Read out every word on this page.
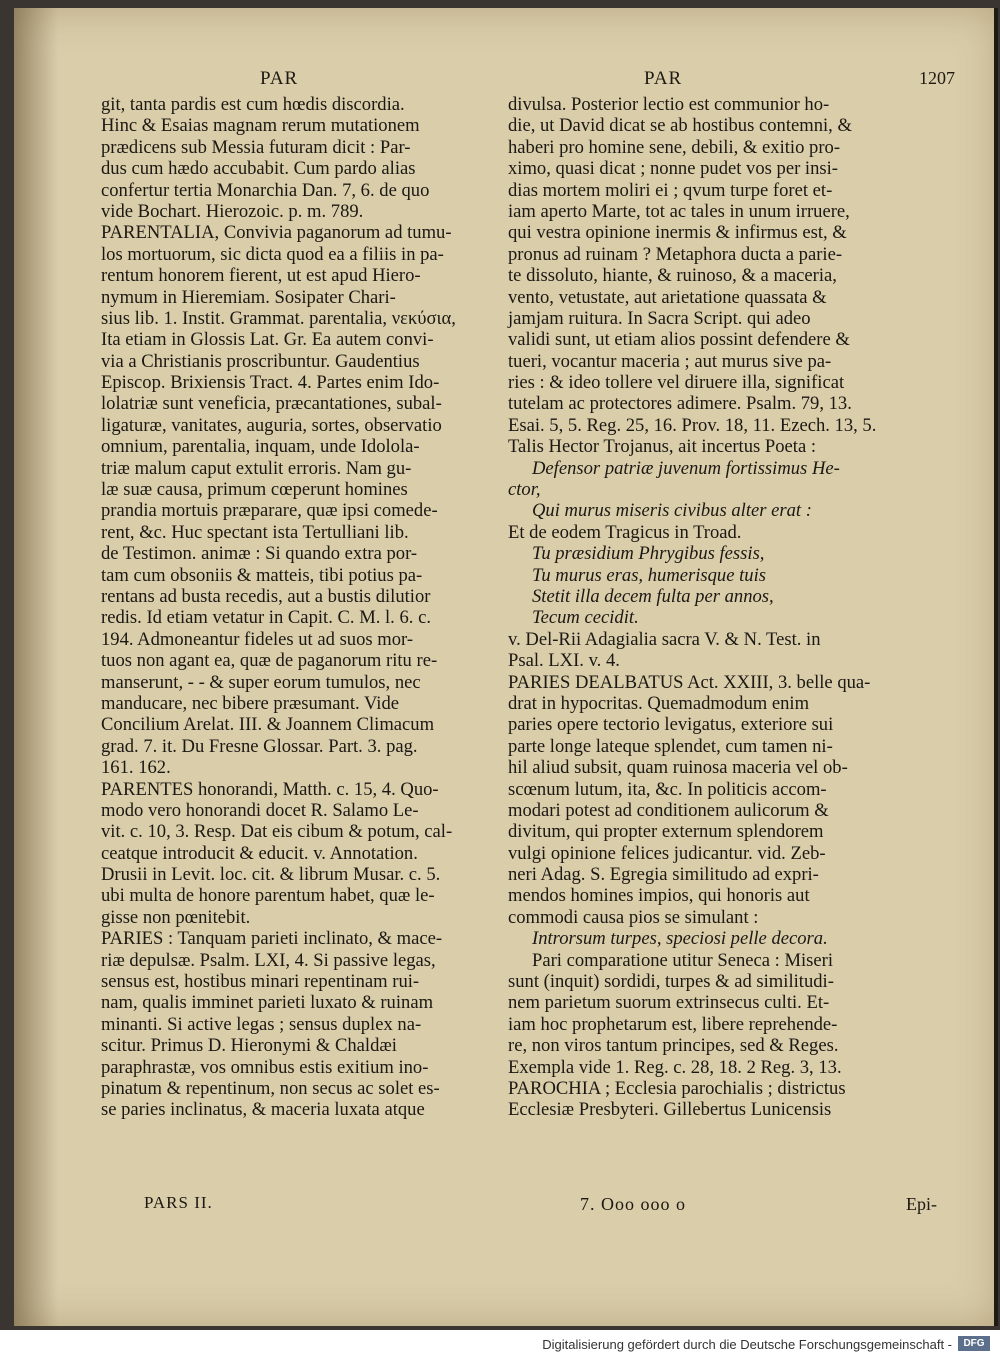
PAR	PAR	1207
git, tanta pardis est cum hœdis discordia.
Hinc & Esaias magnam rerum mutationem
prædicens sub Messia futuram dicit : Par-
dus cum hædo accubabit. Cum pardo alias
confertur tertia Monarchia Dan. 7, 6. de quo
vide Bochart. Hierozoic. p. m. 789.
PARENTALIA, Convivia paganorum ad tumu-
los mortuorum, sic dicta quod ea a filiis in pa-
rentum honorem fierent, ut est apud Hiero-
nymum in Hieremiam. Sosipater Chari-
sius lib. 1. Instit. Grammat. parentalia, νεκύσια,
Ita etiam in Glossis Lat. Gr. Ea autem convi-
via a Christianis proscribuntur. Gaudentius
Episcop. Brixiensis Tract. 4. Partes enim Ido-
lolatriæ sunt veneficia, præcantationes, subal-
ligaturæ, vanitates, auguria, sortes, observatio
omnium, parentalia, inquam, unde Idolola-
triæ malum caput extulit erroris. Nam gu-
læ suæ causa, primum cœperunt homines
prandia mortuis præparare, quæ ipsi comede-
rent, &c. Huc spectant ista Tertulliani lib.
de Testimon. animæ : Si quando extra por-
tam cum obsoniis & matteis, tibi potius pa-
rentans ad busta recedis, aut a bustis dilutior
redis. Id etiam vetatur in Capit. C. M. l. 6. c.
194. Admoneantur fideles ut ad suos mor-
tuos non agant ea, quæ de paganorum ritu re-
manserunt, - - & super eorum tumulos, nec
manducare, nec bibere præsumant. Vide
Concilium Arelat. III. & Joannem Climacum
grad. 7. it. Du Fresne Glossar. Part. 3. pag.
161. 162.
PARENTES honorandi, Matth. c. 15, 4. Quo-
modo vero honorandi docet R. Salamo Le-
vit. c. 10, 3. Resp. Dat eis cibum & potum, cal-
ceatque introducit & educit. v. Annotation.
Drusii in Levit. loc. cit. & librum Musar. c. 5.
ubi multa de honore parentum habet, quæ le-
gisse non pœnitebit.
PARIES : Tanquam parieti inclinato, & mace-
riæ depulsæ. Psalm. LXI, 4. Si passive legas,
sensus est, hostibus minari repentinam rui-
nam, qualis imminet parieti luxato & ruinam
minanti. Si active legas ; sensus duplex na-
scitur. Primus D. Hieronymi & Chaldæi
paraphrastæ, vos omnibus estis exitium ino-
pinatum & repentinum, non secus ac solet es-
se paries inclinatus, & maceria luxata atque
divulsa. Posterior lectio est communior ho-
die, ut David dicat se ab hostibus contemni, &
haberi pro homine sene, debili, & exitio pro-
ximo, quasi dicat ; nonne pudet vos per insi-
dias mortem moliri ei ; qvum turpe foret et-
iam aperto Marte, tot ac tales in unum irruere,
qui vestra opinione inermis & infirmus est, &
pronus ad ruinam ? Metaphora ducta a parie-
te dissoluto, hiante, & ruinoso, & a maceria,
vento, vetustate, aut arietatione quassata &
jamjam ruitura. In Sacra Script. qui adeo
validi sunt, ut etiam alios possint defendere &
tueri, vocantur maceria ; aut murus sive pa-
ries : & ideo tollere vel diruere illa, significat
tutelam ac protectores adimere. Psalm. 79, 13.
Esai. 5, 5. Reg. 25, 16. Prov. 18, 11. Ezech. 13, 5.
Talis Hector Trojanus, ait incertus Poeta :
Defensor patriæ juvenum fortissimus He-
ctor,
Qui murus miseris civibus alter erat :
Et de eodem Tragicus in Troad.
Tu præsidium Phrygibus fessis,
Tu murus eras, humerisque tuis
Stetit illa decem fulta per annos,
Tecum cecidit.
v. Del-Rii Adagialia sacra V. & N. Test. in
Psal. LXI. v. 4.
PARIES DEALBATUS Act. XXIII, 3. belle qua-
drat in hypocritas. Quemadmodum enim
paries opere tectorio levigatus, exteriore sui
parte longe lateque splendet, cum tamen ni-
hil aliud subsit, quam ruinosa maceria vel ob-
scœnum lutum, ita, &c. In politicis accom-
modari potest ad conditionem aulicorum &
divitum, qui propter externum splendorem
vulgi opinione felices judicantur. vid. Zeb-
neri Adag. S. Egregia similitudo ad expri-
mendos homines impios, qui honoris aut
commodi causa pios se simulant :
Introrsum turpes, speciosi pelle decora.
Pari comparatione utitur Seneca : Miseri
sunt (inquit) sordidi, turpes & ad similitudi-
nem parietum suorum extrinsecus culti. Et-
iam hoc prophetarum est, libere reprehende-
re, non viros tantum principes, sed & Reges.
Exempla vide 1. Reg. c. 28, 18. 2 Reg. 3, 13.
PAROCHIA ; Ecclesia parochialis ; districtus
Ecclesiæ Presbyteri. Gillebertus Lunicensis
PARS II.	7. Ooo ooo o	Epi-
Digitalisierung gefördert durch die Deutsche Forschungsgemeinschaft -	DFG
